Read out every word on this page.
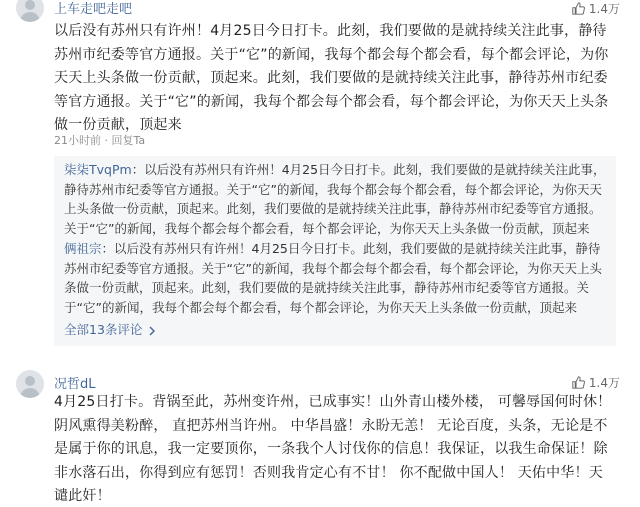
上车走吧走吧	1.4万
以后没有苏州只有许州！4月25日今日打卡。此刻，我们要做的是就持续关注此事，静待苏州市纪委等官方通报。关于“它”的新闻，我每个都会每个都会看，每个都会评论，为你天天上头条做一份贡献，顶起来。此刻，我们要做的是就持续关注此事，静待苏州市纪委等官方通报。关于“它”的新闻，我每个都会每个都会看，每个都会评论，为你天天上头条做一份贡献，顶起来
21小时前 · 回复Ta
柒柒TvqPm：以后没有苏州只有许州！4月25日今日打卡。此刻，我们要做的是就持续关注此事，静待苏州市纪委等官方通报。关于“它”的新闻，我每个都会每个都会看，每个都会评论，为你天天上头条做一份贡献，顶起来。此刻，我们要做的是就持续关注此事，静待苏州市纪委等官方通报。关于“它”的新闻，我每个都会每个都会看，每个都会评论，为你天天上头条做一份贡献，顶起来
俩祖宗：以后没有苏州只有许州！4月25日今日打卡。此刻，我们要做的是就持续关注此事，静待苏州市纪委等官方通报。关于“它”的新闻，我每个都会每个都会看，每个都会评论，为你天天上头条做一份贡献，顶起来。此刻，我们要做的是就持续关注此事，静待苏州市纪委等官方通报。关于“它”的新闻，我每个都会每个都会看，每个都会评论，为你天天上头条做一份贡献，顶起来
全部13条评论
况哲dL	1.4万
4月25日打卡。背锅至此，苏州变许州，已成事实！山外青山楼外楼， 可馨辱国何时休！阴风熏得美粉醉， 直把苏州当许州。 中华昌盛！永盼无恙！ 无论百度，头条，无论是不是属于你的讯息，我一定要顶你，一条我个人讨伐你的信息！我保证，以我生命保证！除非水落石出，你得到应有惩罚！否则我肯定心有不甘！ 你不配做中国人！ 天佑中华！天谴此奸！
